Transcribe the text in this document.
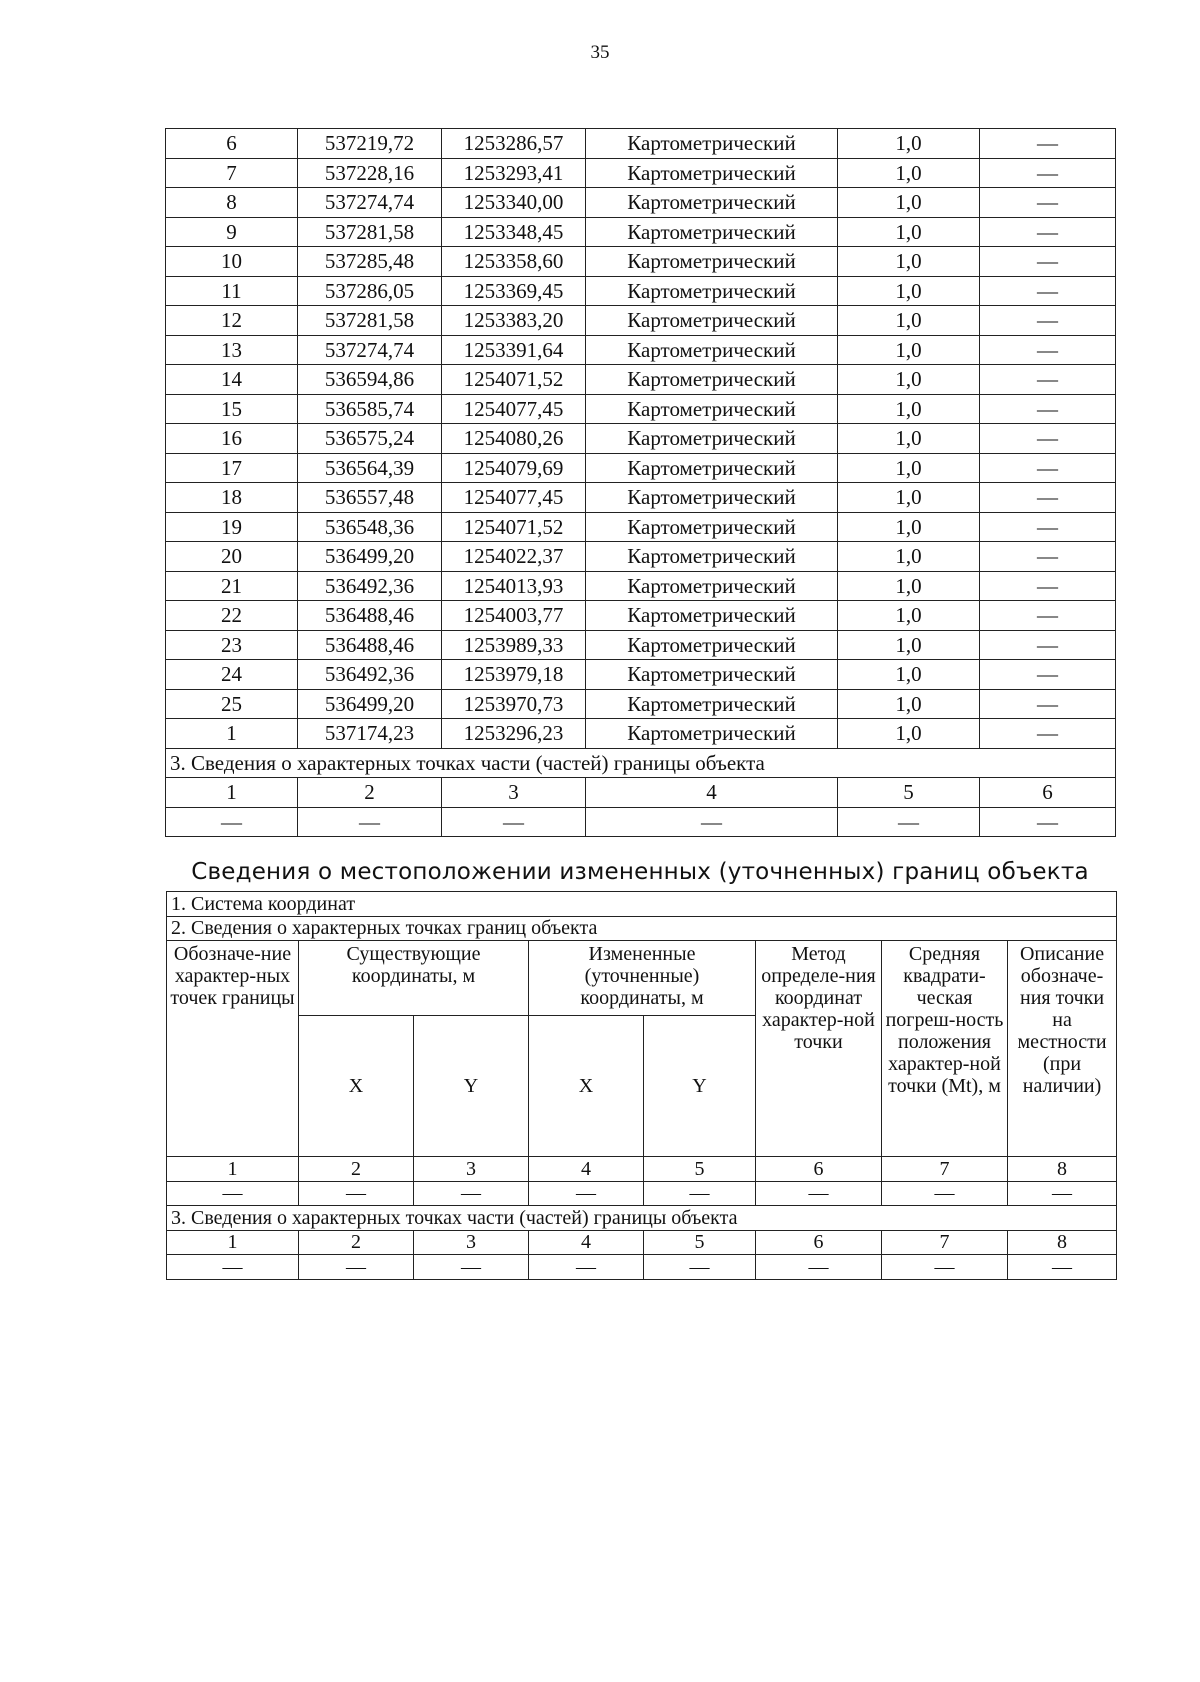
35
6	537219,72	1253286,57	Картометрический	1,0	—
7	537228,16	1253293,41	Картометрический	1,0	—
8	537274,74	1253340,00	Картометрический	1,0	—
9	537281,58	1253348,45	Картометрический	1,0	—
10	537285,48	1253358,60	Картометрический	1,0	—
11	537286,05	1253369,45	Картометрический	1,0	—
12	537281,58	1253383,20	Картометрический	1,0	—
13	537274,74	1253391,64	Картометрический	1,0	—
14	536594,86	1254071,52	Картометрический	1,0	—
15	536585,74	1254077,45	Картометрический	1,0	—
16	536575,24	1254080,26	Картометрический	1,0	—
17	536564,39	1254079,69	Картометрический	1,0	—
18	536557,48	1254077,45	Картометрический	1,0	—
19	536548,36	1254071,52	Картометрический	1,0	—
20	536499,20	1254022,37	Картометрический	1,0	—
21	536492,36	1254013,93	Картометрический	1,0	—
22	536488,46	1254003,77	Картометрический	1,0	—
23	536488,46	1253989,33	Картометрический	1,0	—
24	536492,36	1253979,18	Картометрический	1,0	—
25	536499,20	1253970,73	Картометрический	1,0	—
1	537174,23	1253296,23	Картометрический	1,0	—
3. Сведения о характерных точках части (частей) границы объекта					
1	2	3	4	5	6
—	—	—	—	—	—
Сведения о местоположении измененных (уточненных) границ объекта
1. Система координат							
2. Сведения о характерных точках границ объекта							
Обозначе-ние характер-ных точек границы	Существующие координаты, м		Измененные (уточненные) координаты, м		Метод определе-ния координат характер-ной точки	Средняя квадрати-ческая погреш-ность положения характер-ной точки (Mt), м	Описание обозначе-ния точки на местности (при наличии)
	X	Y	X	Y			
1	2	3	4	5	6	7	8
—	—	—	—	—	—	—	—
3. Сведения о характерных точках части (частей) границы объекта							
1	2	3	4	5	6	7	8
—	—	—	—	—	—	—	—
